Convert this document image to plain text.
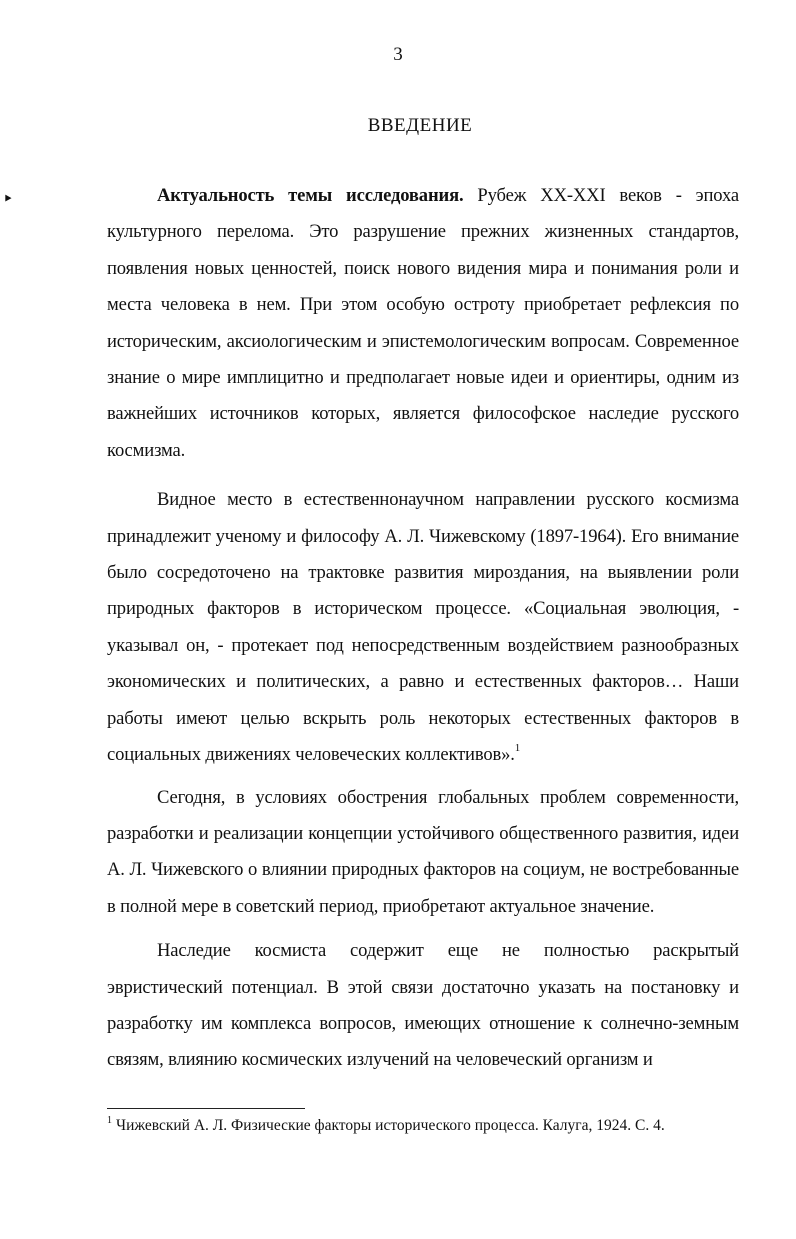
3
ВВЕДЕНИЕ
‣	Актуальность темы исследования. Рубеж XX-XXI веков - эпоха культурного перелома. Это разрушение прежних жизненных стандартов, появления новых ценностей, поиск нового видения мира и понимания роли и места человека в нем. При этом особую остроту приобретает рефлексия по историческим, аксиологическим и эпистемологическим вопросам. Современное знание о мире имплицитно и предполагает новые идеи и ориентиры, одним из важнейших источников которых, является философское наследие русского космизма.

Видное место в естественнонаучном направлении русского космизма принадлежит ученому и философу А. Л. Чижевскому (1897-1964). Его внимание было сосредоточено на трактовке развития мироздания, на выявлении роли природных факторов в историческом процессе. «Социальная эволюция, - указывал он, - протекает под непосредственным воздействием разнообразных экономических и политических, а равно и естественных факторов… Наши работы имеют целью вскрыть роль некоторых естественных факторов в социальных движениях человеческих коллективов».$^1$

Сегодня, в условиях обострения глобальных проблем современности, разработки и реализации концепции устойчивого общественного развития, идеи А. Л. Чижевского о влиянии природных факторов на социум, не востребованные в полной мере в советский период, приобретают актуальное значение.

Наследие космиста содержит еще не полностью раскрытый эвристический потенциал. В этой связи достаточно указать на постановку и разработку им комплекса вопросов, имеющих отношение к солнечно-земным связям, влиянию космических излучений на человеческий организм и

$^1$ Чижевский А. Л. Физические факторы исторического процесса. Калуга, 1924. С. 4.
